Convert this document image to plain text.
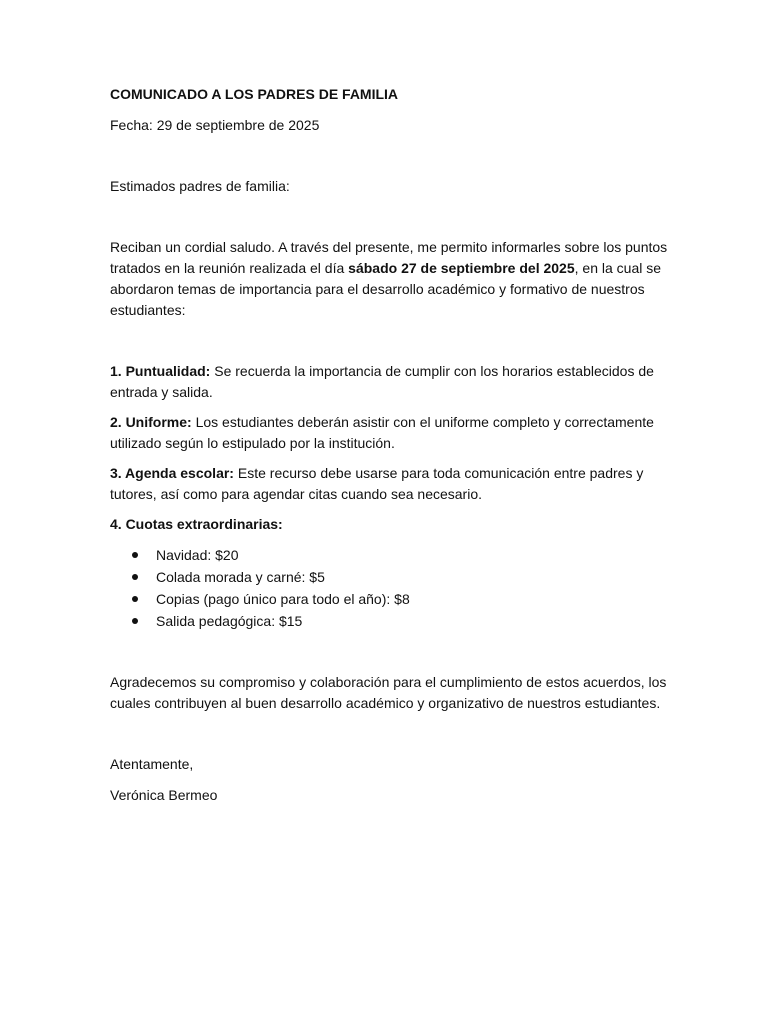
COMUNICADO A LOS PADRES DE FAMILIA

Fecha: 29 de septiembre de 2025

Estimados padres de familia:

Reciban un cordial saludo. A través del presente, me permito informarles sobre los puntos tratados en la reunión realizada el día sábado 27 de septiembre del 2025, en la cual se abordaron temas de importancia para el desarrollo académico y formativo de nuestros estudiantes:

1. Puntualidad: Se recuerda la importancia de cumplir con los horarios establecidos de entrada y salida.

2. Uniforme: Los estudiantes deberán asistir con el uniforme completo y correctamente utilizado según lo estipulado por la institución.

3. Agenda escolar: Este recurso debe usarse para toda comunicación entre padres y tutores, así como para agendar citas cuando sea necesario.

4. Cuotas extraordinarias:

Navidad: $20
Colada morada y carné: $5
Copias (pago único para todo el año): $8
Salida pedagógica: $15

Agradecemos su compromiso y colaboración para el cumplimiento de estos acuerdos, los cuales contribuyen al buen desarrollo académico y organizativo de nuestros estudiantes.

Atentamente,

Verónica Bermeo
